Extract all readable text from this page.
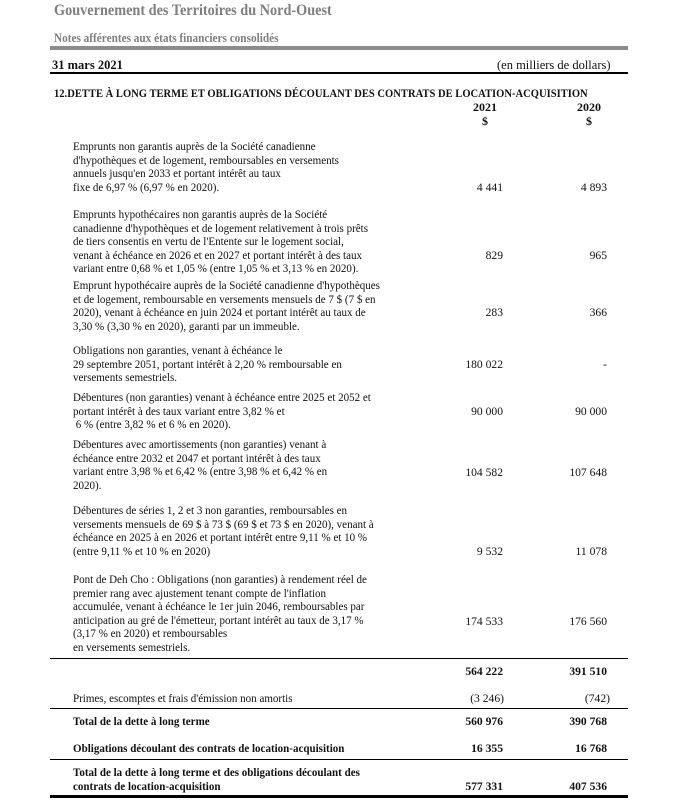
Gouvernement des Territoires du Nord-Ouest
Notes afférentes aux états financiers consolidés
31 mars 2021	(en milliers de dollars)
12.DETTE À LONG TERME ET OBLIGATIONS DÉCOULANT DES CONTRATS DE LOCATION-ACQUISITION
2021	2020
$	$
Emprunts non garantis auprès de la Société canadienne
d'hypothèques et de logement, remboursables en versements
annuels jusqu'en 2033 et portant intérêt au taux
fixe de 6,97 % (6,97 % en 2020).	4 441	4 893
Emprunts hypothécaires non garantis auprès de la Société
canadienne d'hypothèques et de logement relativement à trois prêts
de tiers consentis en vertu de l'Entente sur le logement social,
venant à échéance en 2026 et en 2027 et portant intérêt à des taux
variant entre 0,68 % et 1,05 % (entre 1,05 % et 3,13 % en 2020).
829	965
Emprunt hypothécaire auprès de la Société canadienne d'hypothèques
et de logement, remboursable en versements mensuels de 7 $ (7 $ en
2020), venant à échéance en juin 2024 et portant intérêt au taux de
3,30 % (3,30 % en 2020), garanti par un immeuble.
283	366
Obligations non garanties, venant à échéance le
29 septembre 2051, portant intérêt à 2,20 % remboursable en
versements semestriels.
180 022	-
Débentures (non garanties) venant à échéance entre 2025 et 2052 et
portant intérêt à des taux variant entre 3,82 % et
6 % (entre 3,82 % et 6 % en 2020).
90 000	90 000
Débentures avec amortissements (non garanties) venant à
échéance entre 2032 et 2047 et portant intérêt à des taux
variant entre 3,98 % et 6,42 % (entre 3,98 % et 6,42 % en
2020).
104 582	107 648
Débentures de séries 1, 2 et 3 non garanties, remboursables en
versements mensuels de 69 $ à 73 $ (69 $ et 73 $ en 2020), venant à
échéance en 2025 à en 2026 et portant intérêt entre 9,11 % et 10 %
(entre 9,11 % et 10 % en 2020)	9 532	11 078
Pont de Deh Cho : Obligations (non garanties) à rendement réel de
premier rang avec ajustement tenant compte de l'inflation
accumulée, venant à échéance le 1er juin 2046, remboursables par
anticipation au gré de l'émetteur, portant intérêt au taux de 3,17 %
(3,17 % en 2020) et remboursables
en versements semestriels.
174 533	176 560
564 222	391 510
Primes, escomptes et frais d'émission non amortis	(3 246)	(742)
Total de la dette à long terme	560 976	390 768
Obligations découlant des contrats de location-acquisition	16 355	16 768
Total de la dette à long terme et des obligations découlant des
contrats de location-acquisition	577 331	407 536
